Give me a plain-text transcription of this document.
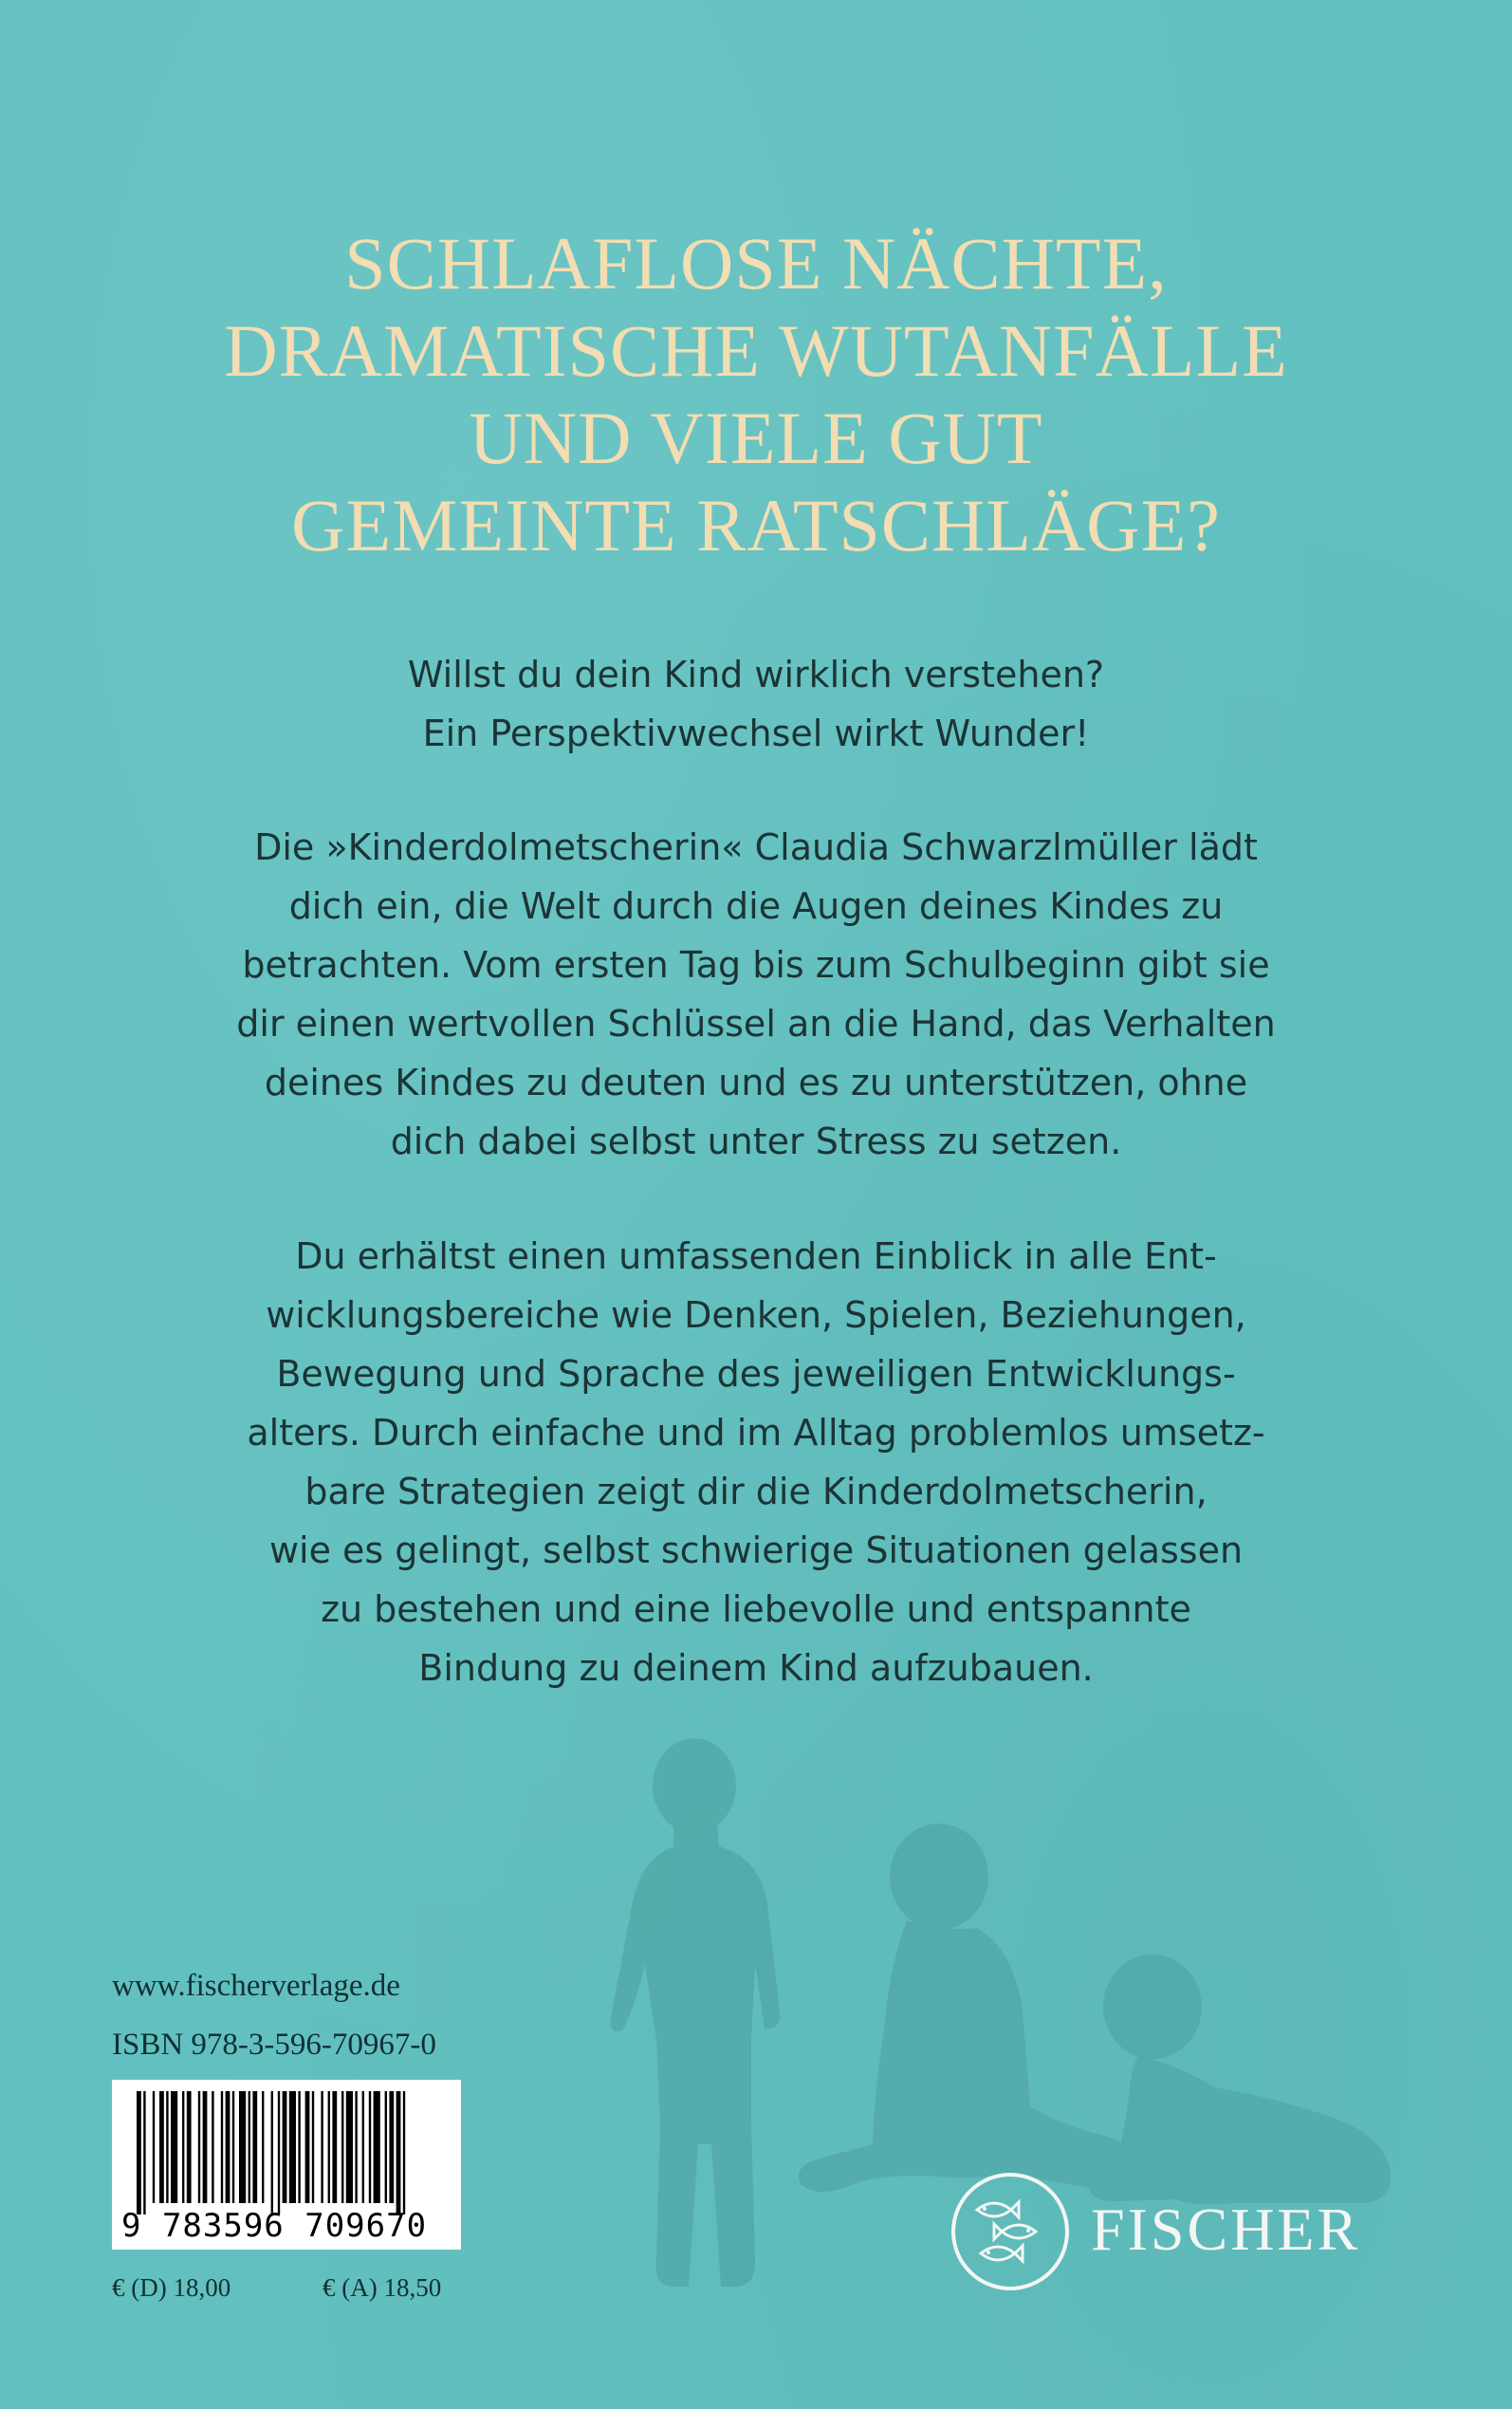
SCHLAFLOSE NÄCHTE,
DRAMATISCHE WUTANFÄLLE
UND VIELE GUT
GEMEINTE RATSCHLÄGE?
Willst du dein Kind wirklich verstehen?
Ein Perspektivwechsel wirkt Wunder!
Die »Kinderdolmetscherin« Claudia Schwarzlmüller lädt
dich ein, die Welt durch die Augen deines Kindes zu
betrachten. Vom ersten Tag bis zum Schulbeginn gibt sie
dir einen wertvollen Schlüssel an die Hand, das Verhalten
deines Kindes zu deuten und es zu unterstützen, ohne
dich dabei selbst unter Stress zu setzen.
Du erhältst einen umfassenden Einblick in alle Ent-
wicklungsbereiche wie Denken, Spielen, Beziehungen,
Bewegung und Sprache des jeweiligen Entwicklungs-
alters. Durch einfache und im Alltag problemlos umsetz-
bare Strategien zeigt dir die Kinderdolmetscherin,
wie es gelingt, selbst schwierige Situationen gelassen
zu bestehen und eine liebevolle und entspannte
Bindung zu deinem Kind aufzubauen.
www.fischerverlage.de
ISBN 978-3-596-70967-0
9 783596 709670
€ (D) 18,00	€ (A) 18,50
FISCHER
